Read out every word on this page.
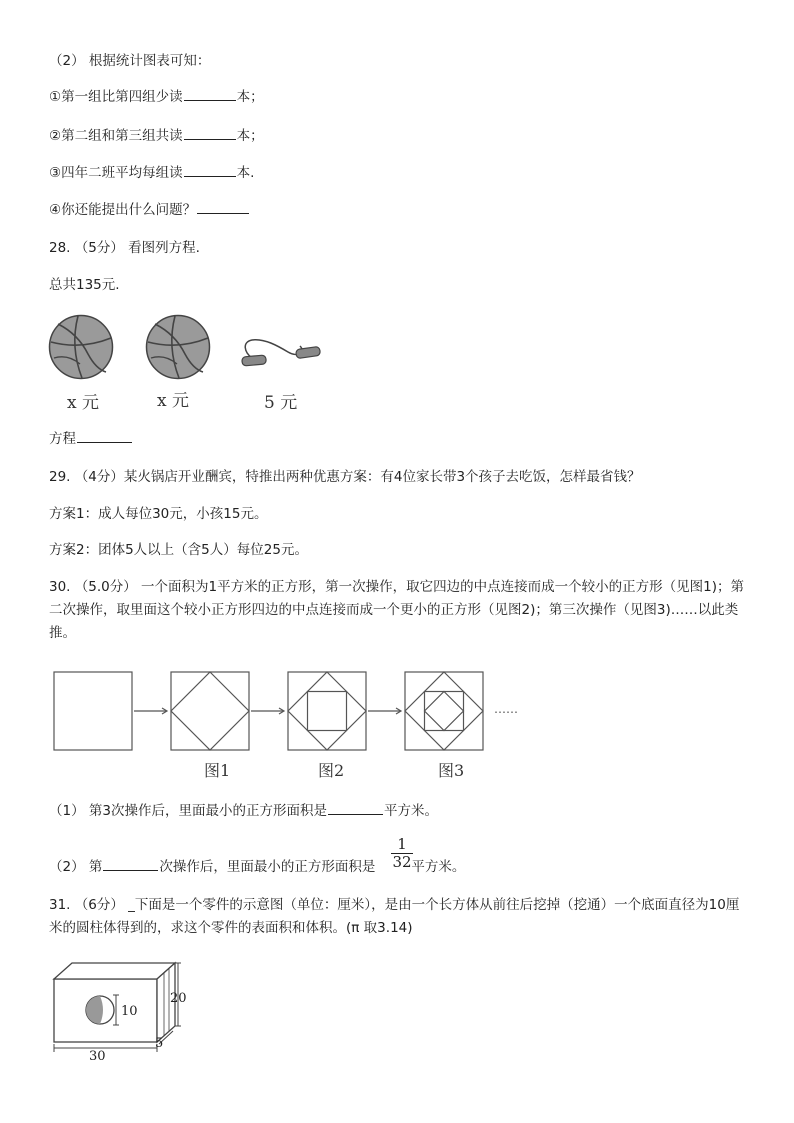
（2） 根据统计图表可知：
①第一组比第四组少读	本；
②第二组和第三组共读	本；
③四年二班平均每组读	本.
④你还能提出什么问题？
28. （5分） 看图列方程.
总共135元.
x 元	x 元	5 元
方程
29. （4分）某火锅店开业酬宾，特推出两种优惠方案：有4位家长带3个孩子去吃饭，怎样最省钱？
方案1：成人每位30元，小孩15元。
方案2：团体5人以上（含5人）每位25元。
30. （5.0分） 一个面积为1平方米的正方形，第一次操作，取它四边的中点连接而成一个较小的正方形（见图1)；第二次操作，取里面这个较小正方形四边的中点连接而成一个更小的正方形（见图2)；第三次操作（见图3)……以此类推。
……
图1	图2	图3
（1） 第3次操作后，里面最小的正方形面积是	平方米。
（2） 第	次操作后，里面最小的正方形面积是	平方米。
$\frac{1}{32}$
31. （6分） _下面是一个零件的示意图（单位：厘米），是由一个长方体从前往后挖掉（挖通）一个底面直径为10厘米的圆柱体得到的，求这个零件的表面积和体积。(π 取3.14)
20
10
30
5
